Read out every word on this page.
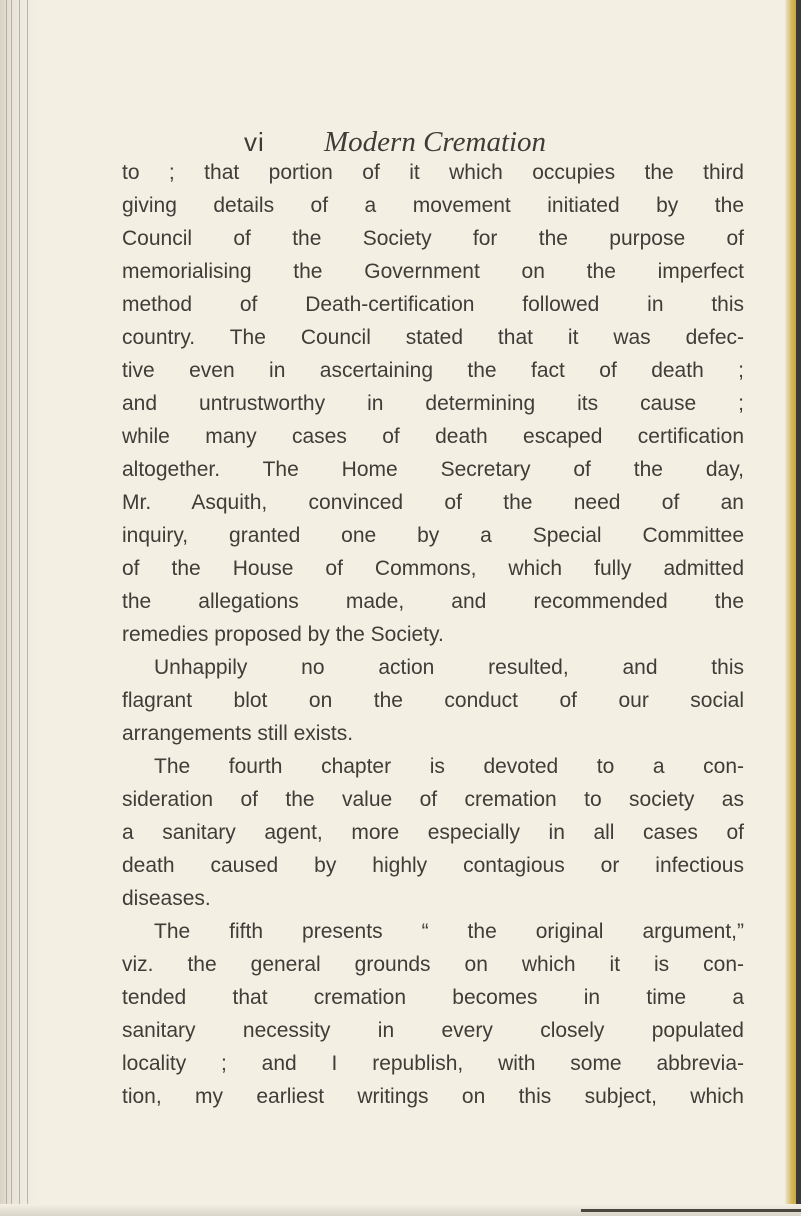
vi Modern Cremation
to ; that portion of it which occupies the third
giving details of a movement initiated by the
Council of the Society for the purpose of
memorialising the Government on the imperfect
method of Death-certification followed in this
country. The Council stated that it was defec-
tive even in ascertaining the fact of death ;
and untrustworthy in determining its cause ;
while many cases of death escaped certification
altogether. The Home Secretary of the day,
Mr. Asquith, convinced of the need of an
inquiry, granted one by a Special Committee
of the House of Commons, which fully admitted
the allegations made, and recommended the
remedies proposed by the Society.
Unhappily no action resulted, and this
flagrant blot on the conduct of our social
arrangements still exists.
The fourth chapter is devoted to a con-
sideration of the value of cremation to society as
a sanitary agent, more especially in all cases of
death caused by highly contagious or infectious
diseases.
The fifth presents “ the original argument,”
viz. the general grounds on which it is con-
tended that cremation becomes in time a
sanitary necessity in every closely populated
locality ; and I republish, with some abbrevia-
tion, my earliest writings on this subject, which
